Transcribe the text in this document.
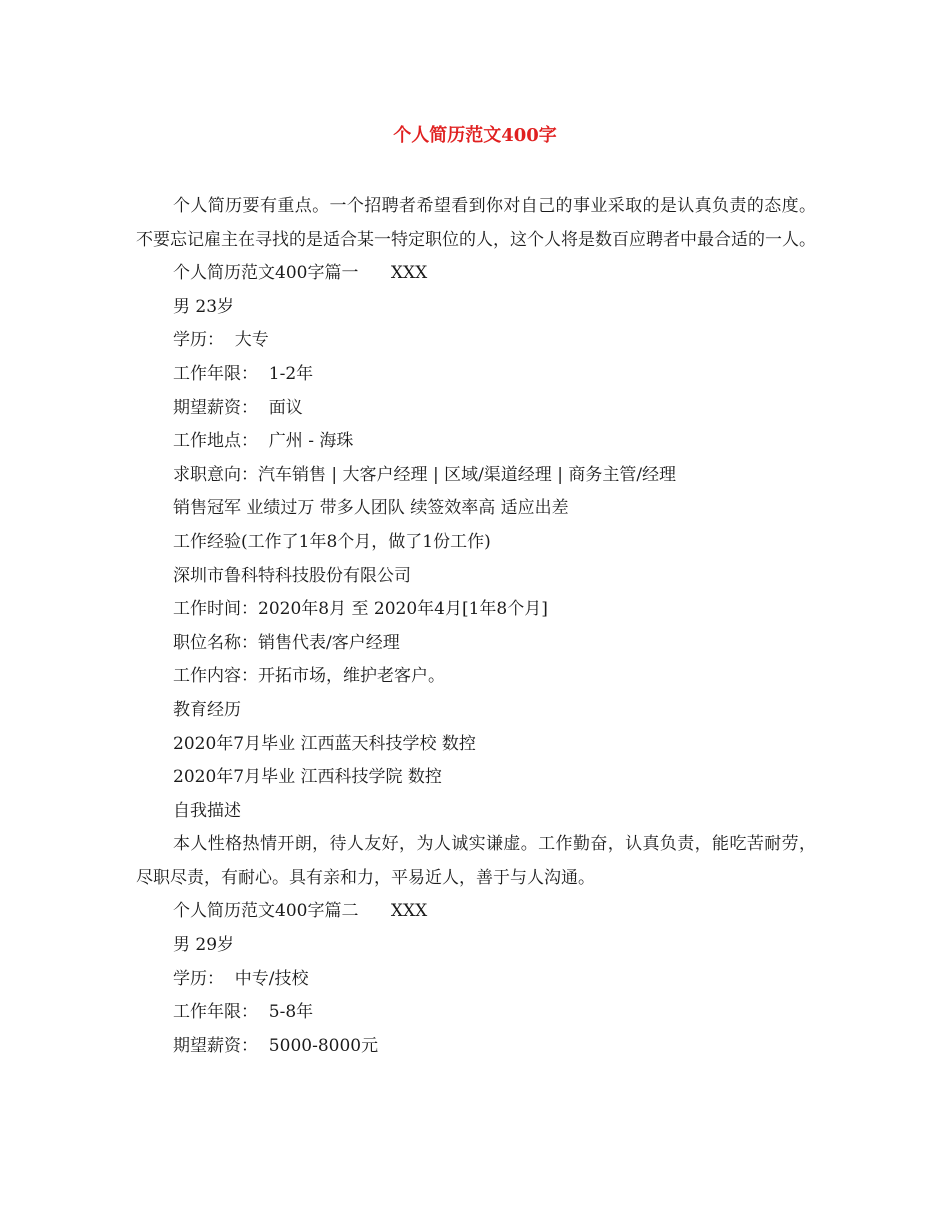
个人简历范文400字

个人简历要有重点。一个招聘者希望看到你对自己的事业采取的是认真负责的态度。不要忘记雇主在寻找的是适合某一特定职位的人，这个人将是数百应聘者中最合适的一人。

个人简历范文400字篇一      XXX

男 23岁

学历：  大专

工作年限：  1-2年

期望薪资：  面议

工作地点：  广州 - 海珠

求职意向：汽车销售 | 大客户经理 | 区域/渠道经理 | 商务主管/经理

销售冠军 业绩过万 带多人团队 续签效率高 适应出差

工作经验(工作了1年8个月，做了1份工作)

深圳市鲁科特科技股份有限公司

工作时间：2020年8月 至 2020年4月[1年8个月]

职位名称：销售代表/客户经理

工作内容：开拓市场，维护老客户。

教育经历

2020年7月毕业 江西蓝天科技学校 数控

2020年7月毕业 江西科技学院 数控

自我描述

本人性格热情开朗，待人友好，为人诚实谦虚。工作勤奋，认真负责，能吃苦耐劳，尽职尽责，有耐心。具有亲和力，平易近人，善于与人沟通。

个人简历范文400字篇二      XXX

男 29岁

学历：  中专/技校

工作年限：  5-8年

期望薪资：  5000-8000元
